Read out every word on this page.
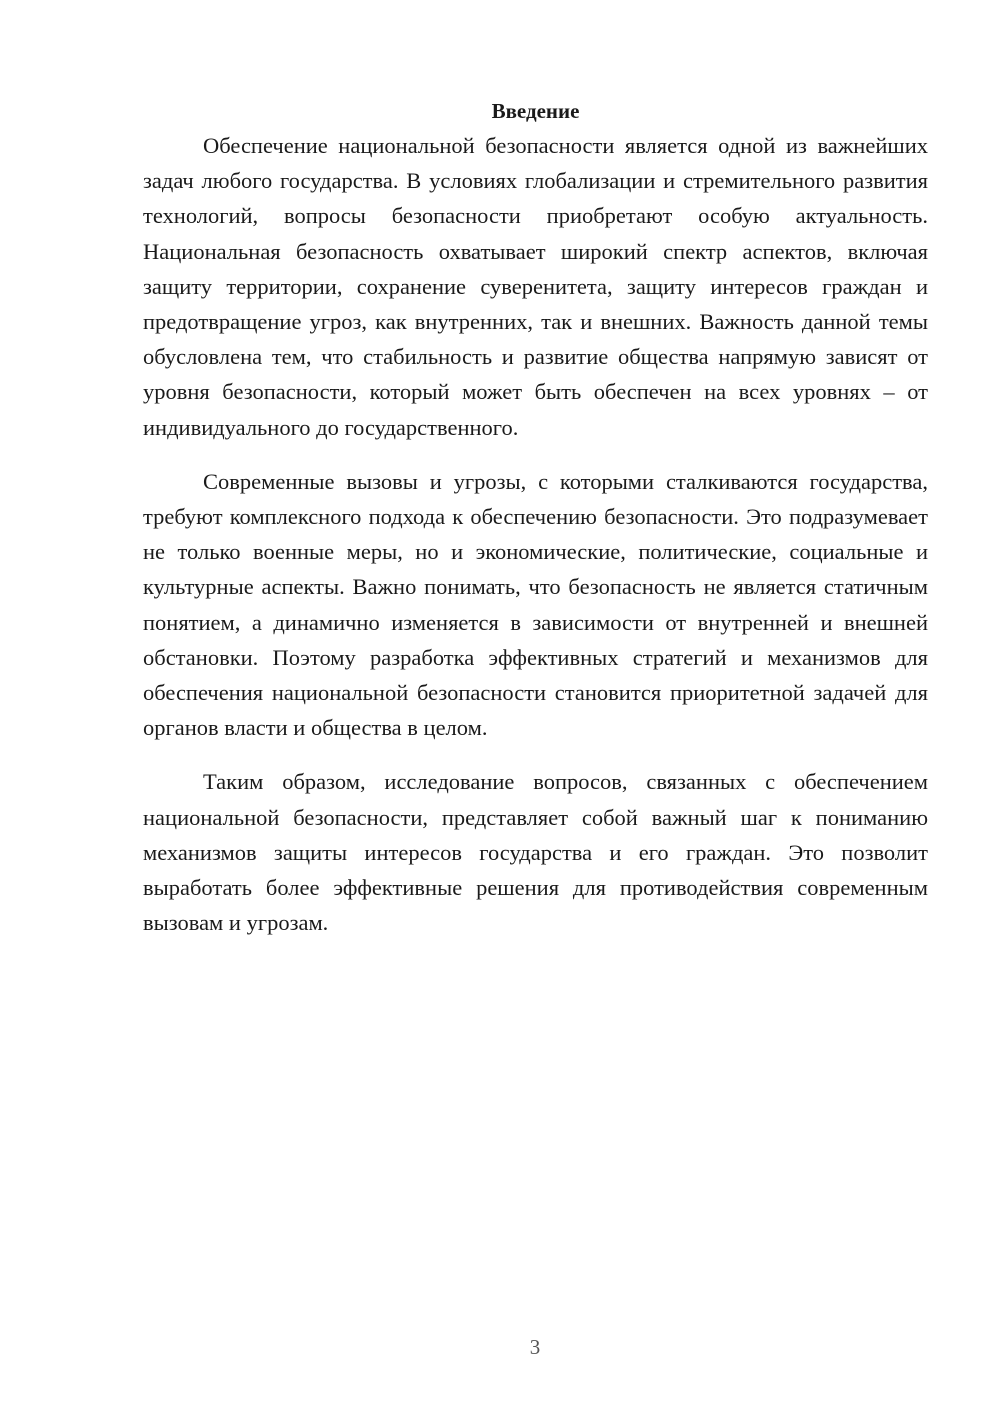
Введение

Обеспечение национальной безопасности является одной из важнейших задач любого государства. В условиях глобализации и стремительного развития технологий, вопросы безопасности приобретают особую актуальность. Национальная безопасность охватывает широкий спектр аспектов, включая защиту территории, сохранение суверенитета, защиту интересов граждан и предотвращение угроз, как внутренних, так и внешних. Важность данной темы обусловлена тем, что стабильность и развитие общества напрямую зависят от уровня безопасности, который может быть обеспечен на всех уровнях – от индивидуального до государственного.

Современные вызовы и угрозы, с которыми сталкиваются государства, требуют комплексного подхода к обеспечению безопасности. Это подразумевает не только военные меры, но и экономические, политические, социальные и культурные аспекты. Важно понимать, что безопасность не является статичным понятием, а динамично изменяется в зависимости от внутренней и внешней обстановки. Поэтому разработка эффективных стратегий и механизмов для обеспечения национальной безопасности становится приоритетной задачей для органов власти и общества в целом.

Таким образом, исследование вопросов, связанных с обеспечением национальной безопасности, представляет собой важный шаг к пониманию механизмов защиты интересов государства и его граждан. Это позволит выработать более эффективные решения для противодействия современным вызовам и угрозам.

3
